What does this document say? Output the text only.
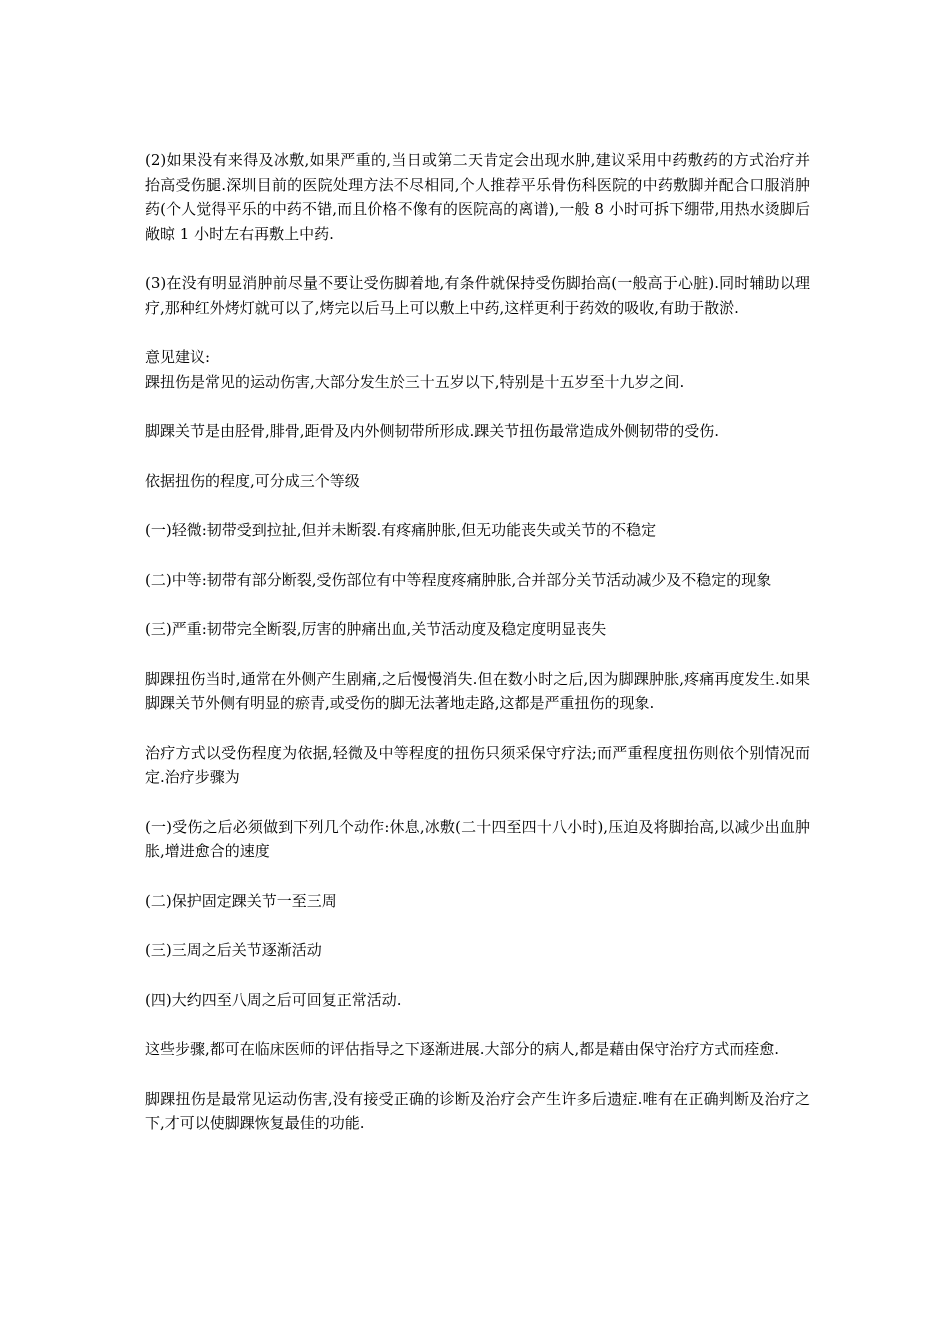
(2)如果没有来得及冰敷,如果严重的,当日或第二天肯定会出现水肿,建议采用中药敷药的方式治疗并抬高受伤腿.深圳目前的医院处理方法不尽相同,个人推荐平乐骨伤科医院的中药敷脚并配合口服消肿药(个人觉得平乐的中药不错,而且价格不像有的医院高的离谱),一般 8 小时可拆下绷带,用热水烫脚后敞晾 1 小时左右再敷上中药.

(3)在没有明显消肿前尽量不要让受伤脚着地,有条件就保持受伤脚抬高(一般高于心脏).同时辅助以理疗,那种红外烤灯就可以了,烤完以后马上可以敷上中药,这样更利于药效的吸收,有助于散淤.

意见建议:

踝扭伤是常见的运动伤害,大部分发生於三十五岁以下,特别是十五岁至十九岁之间.

脚踝关节是由胫骨,腓骨,距骨及内外侧韧带所形成.踝关节扭伤最常造成外侧韧带的受伤.

依据扭伤的程度,可分成三个等级

(一)轻微:韧带受到拉扯,但并未断裂.有疼痛肿胀,但无功能丧失或关节的不稳定

(二)中等:韧带有部分断裂,受伤部位有中等程度疼痛肿胀,合并部分关节活动减少及不稳定的现象

(三)严重:韧带完全断裂,厉害的肿痛出血,关节活动度及稳定度明显丧失

脚踝扭伤当时,通常在外侧产生剧痛,之后慢慢消失.但在数小时之后,因为脚踝肿胀,疼痛再度发生.如果脚踝关节外侧有明显的瘀青,或受伤的脚无法著地走路,这都是严重扭伤的现象.

治疗方式以受伤程度为依据,轻微及中等程度的扭伤只须采保守疗法;而严重程度扭伤则依个别情况而定.治疗步骤为

(一)受伤之后必须做到下列几个动作:休息,冰敷(二十四至四十八小时),压迫及将脚抬高,以减少出血肿胀,增进愈合的速度

(二)保护固定踝关节一至三周

(三)三周之后关节逐渐活动

(四)大约四至八周之后可回复正常活动.

这些步骤,都可在临床医师的评估指导之下逐渐进展.大部分的病人,都是藉由保守治疗方式而痊愈.

脚踝扭伤是最常见运动伤害,没有接受正确的诊断及治疗会产生许多后遗症.唯有在正确判断及治疗之下,才可以使脚踝恢复最佳的功能.
